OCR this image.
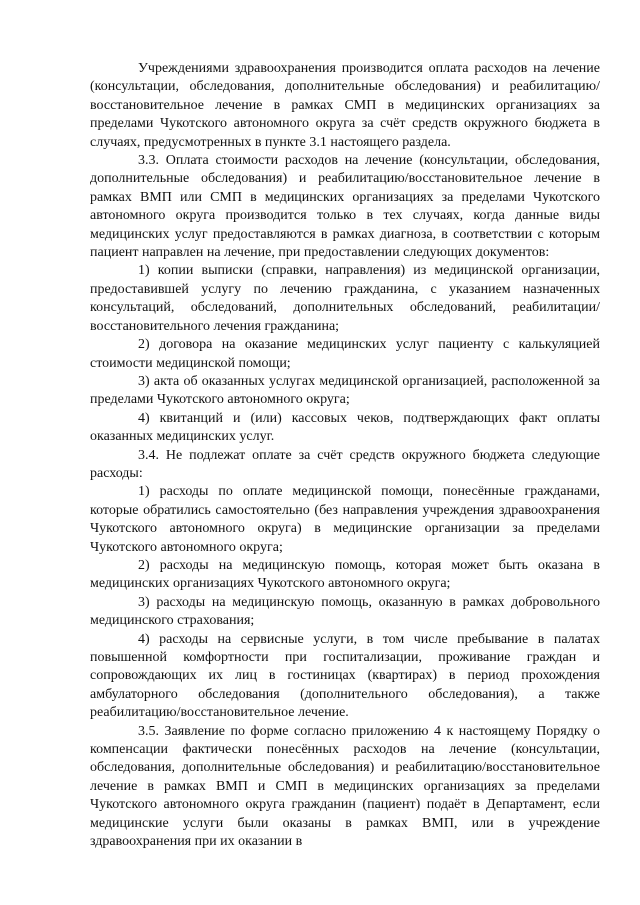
Учреждениями здравоохранения производится оплата расходов на лечение (консультации, обследования, дополнительные обследования) и реабилитацию/восстановительное лечение в рамках СМП в медицинских организациях за пределами Чукотского автономного округа за счёт средств окружного бюджета в случаях, предусмотренных в пункте 3.1 настоящего раздела.

3.3. Оплата стоимости расходов на лечение (консультации, обследования, дополнительные обследования) и реабилитацию/восстановительное лечение в рамках ВМП или СМП в медицинских организациях за пределами Чукотского автономного округа производится только в тех случаях, когда данные виды медицинских услуг предоставляются в рамках диагноза, в соответствии с которым пациент направлен на лечение, при предоставлении следующих документов:

1) копии выписки (справки, направления) из медицинской организации, предоставившей услугу по лечению гражданина, с указанием назначенных консультаций, обследований, дополнительных обследований, реабилитации/восстановительного лечения гражданина;

2) договора на оказание медицинских услуг пациенту с калькуляцией стоимости медицинской помощи;

3) акта об оказанных услугах медицинской организацией, расположенной за пределами Чукотского автономного округа;

4) квитанций и (или) кассовых чеков, подтверждающих факт оплаты оказанных медицинских услуг.

3.4. Не подлежат оплате за счёт средств окружного бюджета следующие расходы:

1) расходы по оплате медицинской помощи, понесённые гражданами, которые обратились самостоятельно (без направления учреждения здравоохранения Чукотского автономного округа) в медицинские организации за пределами Чукотского автономного округа;

2) расходы на медицинскую помощь, которая может быть оказана в медицинских организациях Чукотского автономного округа;

3) расходы на медицинскую помощь, оказанную в рамках добровольного медицинского страхования;

4) расходы на сервисные услуги, в том числе пребывание в палатах повышенной комфортности при госпитализации, проживание граждан и сопровождающих их лиц в гостиницах (квартирах) в период прохождения амбулаторного обследования (дополнительного обследования), а также реабилитацию/восстановительное лечение.

3.5. Заявление по форме согласно приложению 4 к настоящему Порядку о компенсации фактически понесённых расходов на лечение (консультации, обследования, дополнительные обследования) и реабилитацию/восстановительное лечение в рамках ВМП и СМП в медицинских организациях за пределами Чукотского автономного округа гражданин (пациент) подаёт в Департамент, если медицинские услуги были оказаны в рамках ВМП, или в учреждение здравоохранения при их оказании в
